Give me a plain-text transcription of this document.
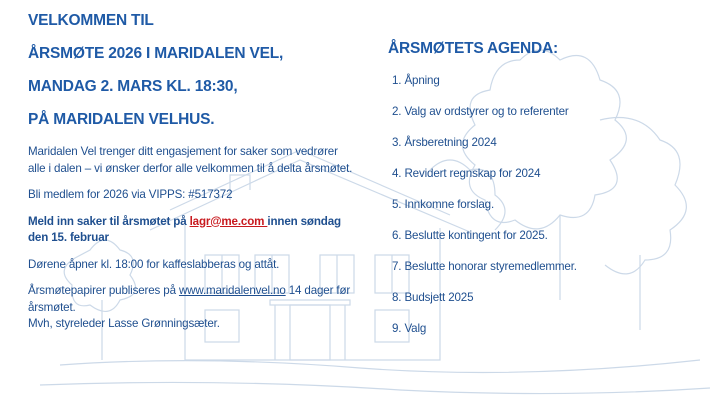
VELKOMMEN TIL
ÅRSMØTE 2026 I MARIDALEN VEL,
MANDAG 2. MARS KL. 18:30,
PÅ MARIDALEN VELHUS.
Maridalen Vel trenger ditt engasjement for saker som vedrører alle i dalen – vi ønsker derfor alle velkommen til å delta årsmøtet.
Bli medlem for 2026 via VIPPS: #517372
Meld inn saker til årsmøtet på lagr@me.com innen søndag den 15. februar
Dørene åpner kl. 18:00 for kaffeslabberas og attåt.
Årsmøtepapirer publiseres på www.maridalenvel.no 14 dager før årsmøtet.
Mvh, styreleder Lasse Grønningsæter.
ÅRSMØTETS AGENDA:
1. Åpning
2. Valg av ordstyrer og to referenter
3. Årsberetning 2024
4. Revidert regnskap for 2024
5. Innkomne forslag.
6. Beslutte kontingent for 2025.
7. Beslutte honorar styremedlemmer.
8. Budsjett 2025
9. Valg
